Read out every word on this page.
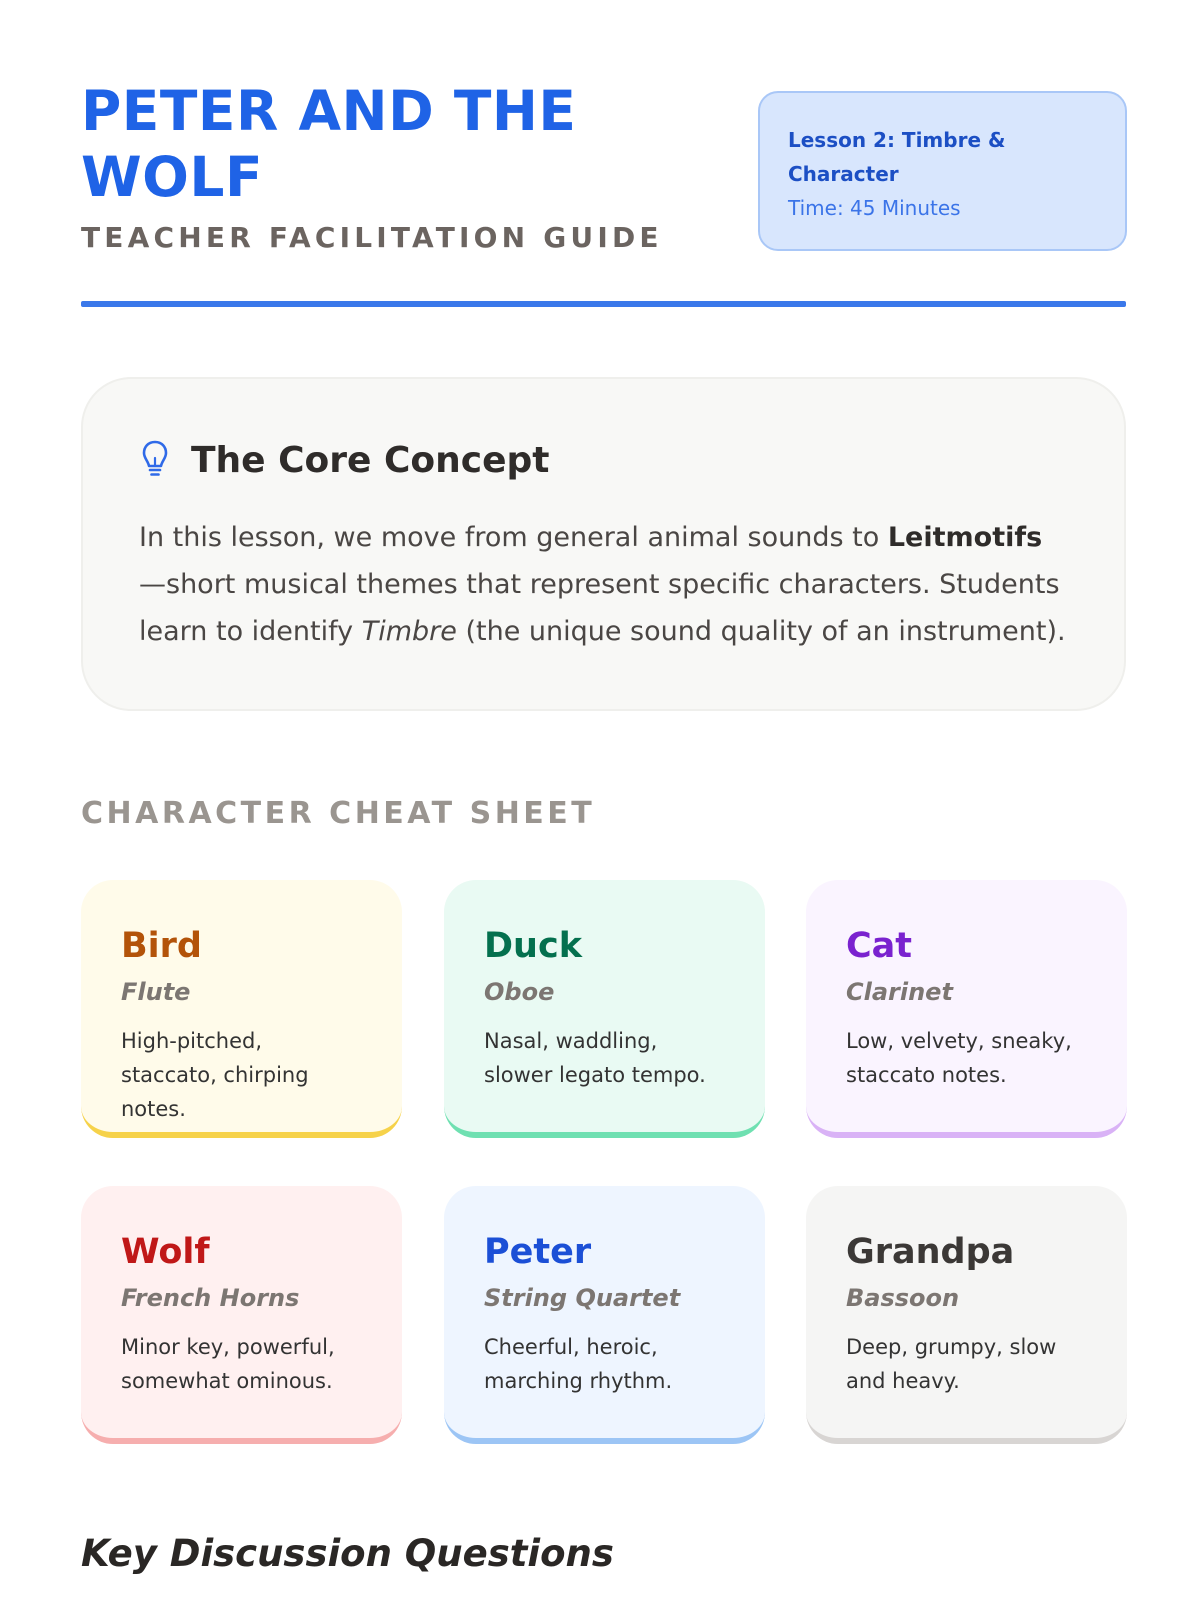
PETER AND THE WOLF
TEACHER FACILITATION GUIDE
Lesson 2: Timbre & Character
Time: 45 Minutes
The Core Concept

In this lesson, we move from general animal sounds to Leitmotifs—short musical themes that represent specific characters. Students learn to identify Timbre (the unique sound quality of an instrument).

CHARACTER CHEAT SHEET
Bird
Flute
High-pitched, staccato, chirping notes.
Duck
Oboe
Nasal, waddling, slower legato tempo.
Cat
Clarinet
Low, velvety, sneaky, staccato notes.
Wolf
French Horns
Minor key, powerful, somewhat ominous.
Peter
String Quartet
Cheerful, heroic, marching rhythm.
Grandpa
Bassoon
Deep, grumpy, slow and heavy.
Key Discussion Questions
